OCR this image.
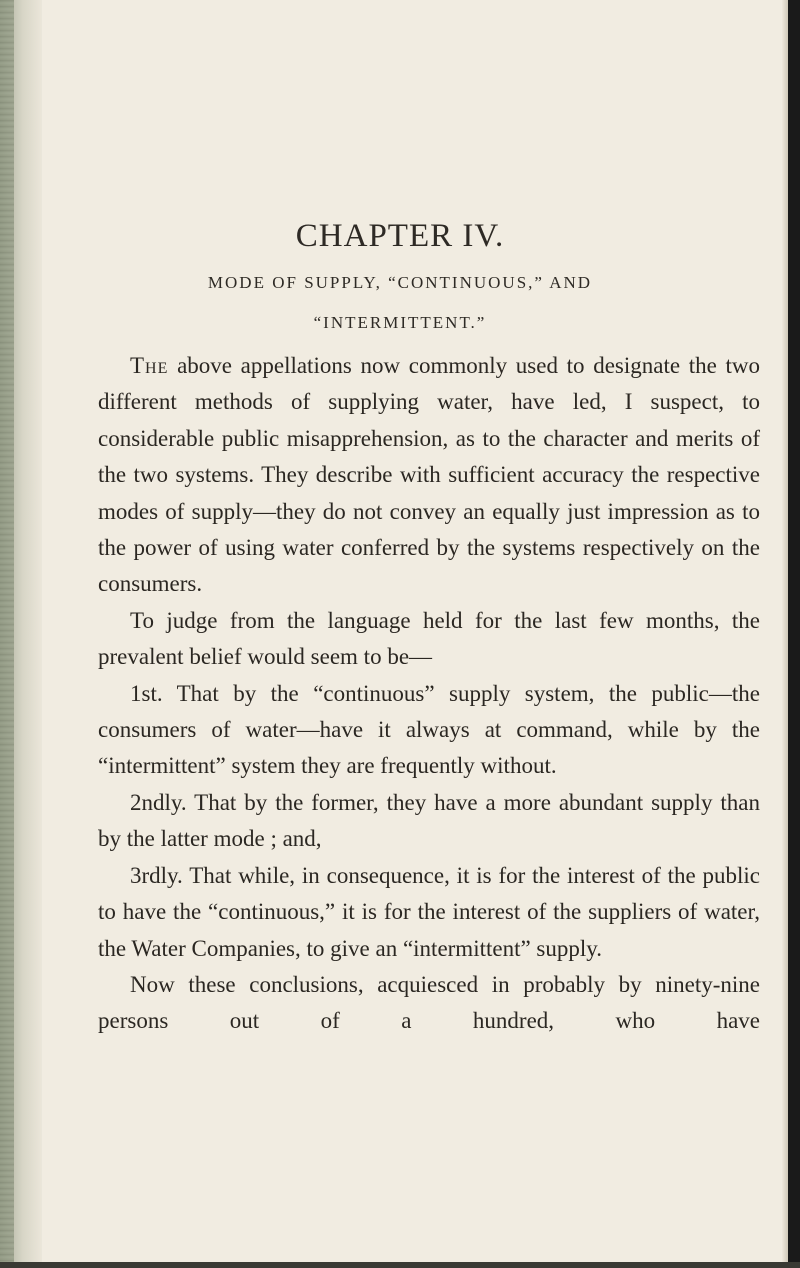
CHAPTER IV.
MODE OF SUPPLY, “CONTINUOUS,” AND
“INTERMITTENT.”

The above appellations now commonly used to designate the two different methods of supplying water, have led, I suspect, to considerable public misapprehension, as to the character and merits of the two systems. They describe with sufficient accuracy the respective modes of supply—they do not convey an equally just impression as to the power of using water conferred by the systems respectively on the consumers.

To judge from the language held for the last few months, the prevalent belief would seem to be—

1st. That by the “continuous” supply system, the public—the consumers of water—have it always at command, while by the “intermittent” system they are frequently without.

2ndly. That by the former, they have a more abundant supply than by the latter mode ; and,

3rdly. That while, in consequence, it is for the interest of the public to have the “continuous,” it is for the interest of the suppliers of water, the Water Companies, to give an “intermittent” supply.

Now these conclusions, acquiesced in probably by ninety-nine persons out of a hundred, who have
